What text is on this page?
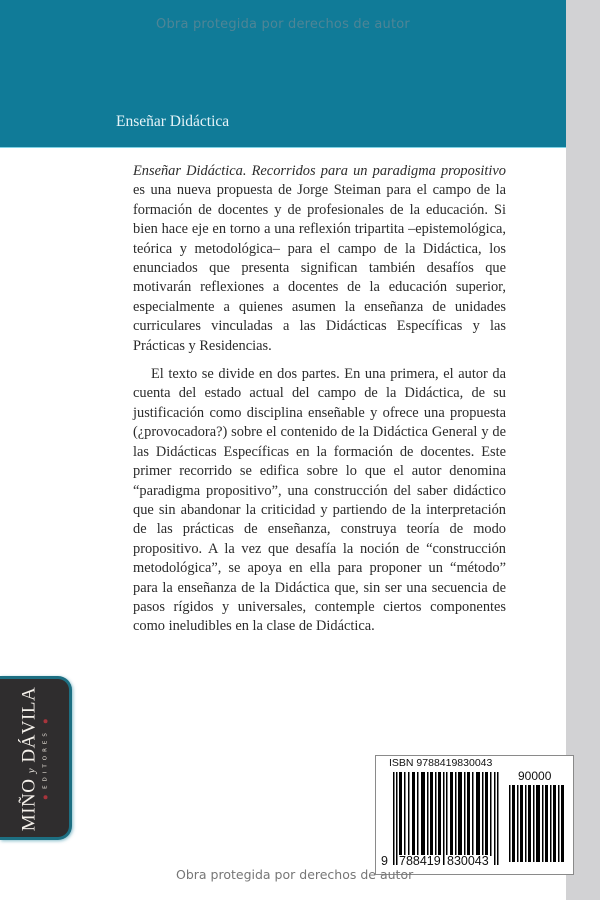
Obra protegida por derechos de autor
Enseñar Didáctica

Enseñar Didáctica. Recorridos para un paradigma propositivo es una nueva propuesta de Jorge Steiman para el campo de la formación de docentes y de profesionales de la educación. Si bien hace eje en torno a una reflexión tripartita –epistemológica, teórica y metodológica– para el campo de la Didáctica, los enunciados que presenta significan también desafíos que motivarán reflexiones a docentes de la educación superior, especialmente a quienes asumen la enseñanza de unidades curriculares vinculadas a las Didácticas Específicas y las Prácticas y Residencias.

El texto se divide en dos partes. En una primera, el autor da cuenta del estado actual del campo de la Didáctica, de su justificación como disciplina enseñable y ofrece una propuesta (¿provocadora?) sobre el contenido de la Didáctica General y de las Didácticas Específicas en la formación de docentes. Este primer recorrido se edifica sobre lo que el autor denomina “paradigma propositivo”, una construcción del saber didáctico que sin abandonar la criticidad y partiendo de la interpretación de las prácticas de enseñanza, construya teoría de modo propositivo. A la vez que desafía la noción de “construcción metodológica”, se apoya en ella para proponer un “método” para la enseñanza de la Didáctica que, sin ser una secuencia de pasos rígidos y universales, contemple ciertos componentes como ineludibles en la clase de Didáctica.

MIÑO y DÁVILA EDITORES	ISBN 9788419830043
90000
9 788419 830043
Obra protegida por derechos de autor
